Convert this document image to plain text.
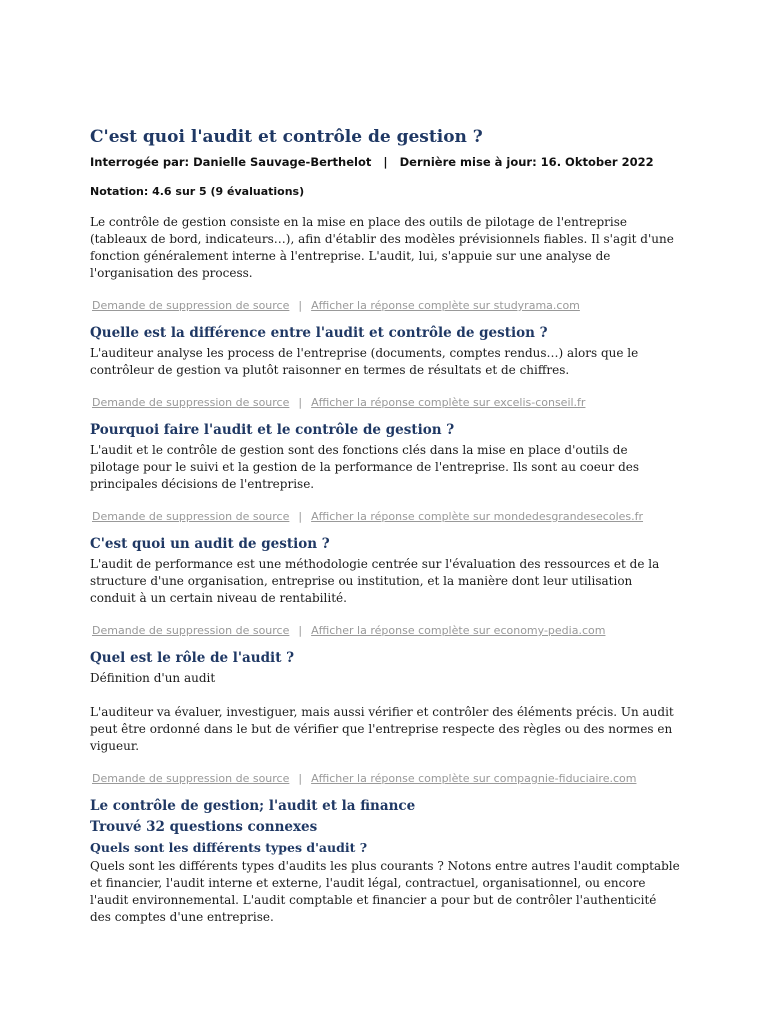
C'est quoi l'audit et contrôle de gestion ?
Interrogée par: Danielle Sauvage-Berthelot | Dernière mise à jour: 16. Oktober 2022
Notation: 4.6 sur 5 (9 évaluations)

Le contrôle de gestion consiste en la mise en place des outils de pilotage de l'entreprise (tableaux de bord, indicateurs…), afin d'établir des modèles prévisionnels fiables. Il s'agit d'une fonction généralement interne à l'entreprise. L'audit, lui, s'appuie sur une analyse de l'organisation des process.

Demande de suppression de source | Afficher la réponse complète sur studyrama.com
Quelle est la différence entre l'audit et contrôle de gestion ?

L'auditeur analyse les process de l'entreprise (documents, comptes rendus…) alors que le contrôleur de gestion va plutôt raisonner en termes de résultats et de chiffres.

Demande de suppression de source | Afficher la réponse complète sur excelis-conseil.fr
Pourquoi faire l'audit et le contrôle de gestion ?

L'audit et le contrôle de gestion sont des fonctions clés dans la mise en place d'outils de pilotage pour le suivi et la gestion de la performance de l'entreprise. Ils sont au coeur des principales décisions de l'entreprise.

Demande de suppression de source | Afficher la réponse complète sur mondedesgrandesecoles.fr
C'est quoi un audit de gestion ?

L'audit de performance est une méthodologie centrée sur l'évaluation des ressources et de la structure d'une organisation, entreprise ou institution, et la manière dont leur utilisation conduit à un certain niveau de rentabilité.

Demande de suppression de source | Afficher la réponse complète sur economy-pedia.com
Quel est le rôle de l'audit ?

Définition d'un audit

L'auditeur va évaluer, investiguer, mais aussi vérifier et contrôler des éléments précis. Un audit peut être ordonné dans le but de vérifier que l'entreprise respecte des règles ou des normes en vigueur.

Demande de suppression de source | Afficher la réponse complète sur compagnie-fiduciaire.com
Le contrôle de gestion; l'audit et la finance
Trouvé 32 questions connexes
Quels sont les différents types d'audit ?

Quels sont les différents types d'audits les plus courants ? Notons entre autres l'audit comptable et financier, l'audit interne et externe, l'audit légal, contractuel, organisationnel, ou encore l'audit environnemental. L'audit comptable et financier a pour but de contrôler l'authenticité des comptes d'une entreprise.
